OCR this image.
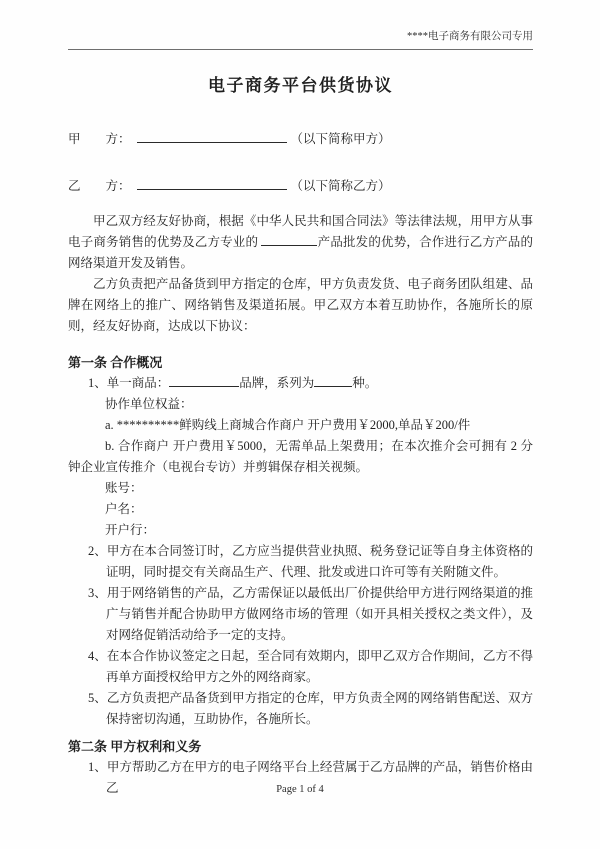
****电子商务有限公司专用
电子商务平台供货协议
甲　　方：	（以下简称甲方）
乙　　方：	（以下简称乙方）

甲乙双方经友好协商，根据《中华人民共和国合同法》等法律法规，用甲方从事电子商务销售的优势及乙方专业的	产品批发的优势，合作进行乙方产品的网络渠道开发及销售。

乙方负责把产品备货到甲方指定的仓库，甲方负责发货、电子商务团队组建、品牌在网络上的推广、网络销售及渠道拓展。甲乙双方本着互助协作，各施所长的原则，经友好协商，达成以下协议：

第一条 合作概况
1、单一商品：	品牌，系列为	种。
协作单位权益：
a. **********鲜购线上商城合作商户 开户费用￥2000,单品￥200/件
b. 合作商户 开户费用￥5000，无需单品上架费用；在本次推介会可拥有 2 分钟企业宣传推介（电视台专访）并剪辑保存相关视频。
账号：
户名：
开户行：
2、甲方在本合同签订时，乙方应当提供营业执照、税务登记证等自身主体资格的证明，同时提交有关商品生产、代理、批发或进口许可等有关附随文件。
3、用于网络销售的产品，乙方需保证以最低出厂价提供给甲方进行网络渠道的推广与销售并配合协助甲方做网络市场的管理（如开具相关授权之类文件），及对网络促销活动给予一定的支持。
4、在本合作协议签定之日起，至合同有效期内，即甲乙双方合作期间，乙方不得再单方面授权给甲方之外的网络商家。
5、乙方负责把产品备货到甲方指定的仓库，甲方负责全网的网络销售配送、双方保持密切沟通，互助协作，各施所长。
第二条 甲方权利和义务
1、甲方帮助乙方在甲方的电子网络平台上经营属于乙方品牌的产品，销售价格由乙	Page 1 of 4
